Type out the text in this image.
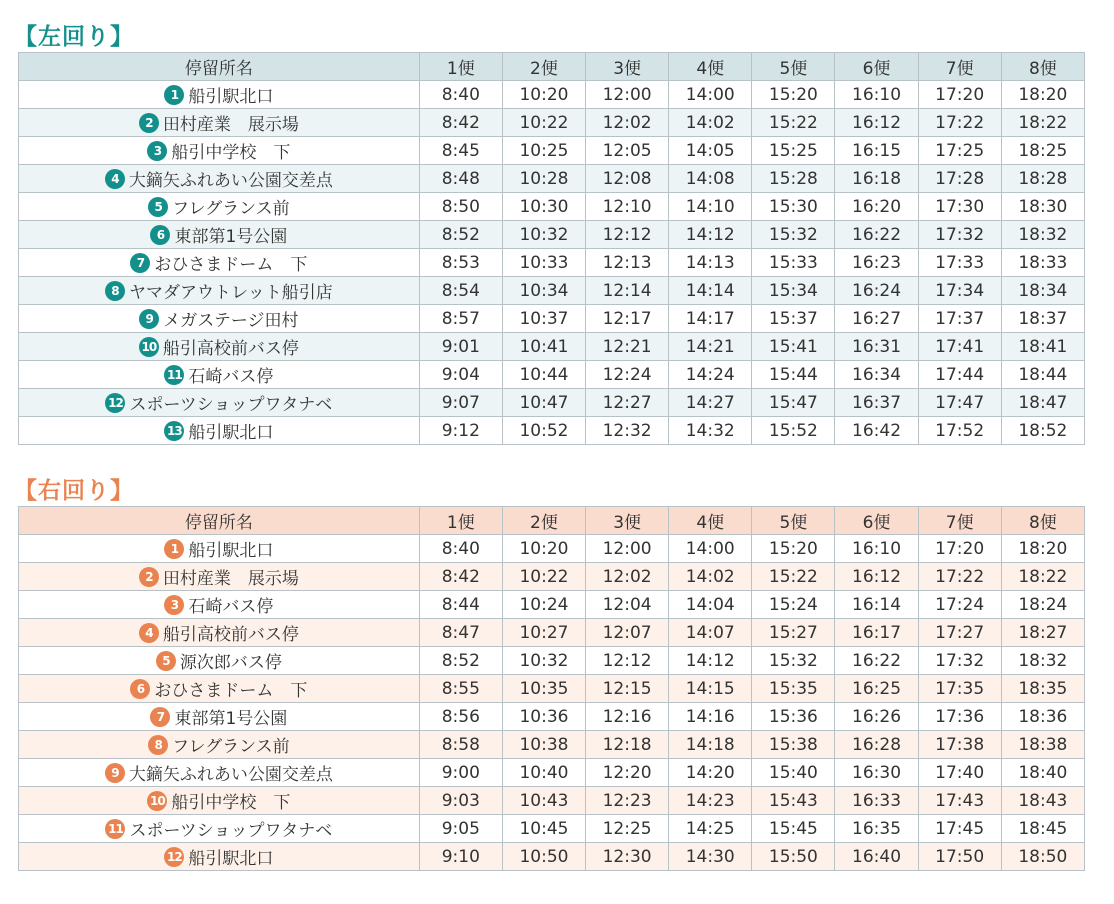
【左回り】
停留所名	1便	2便	3便	4便	5便	6便	7便	8便
1 船引駅北口	8:40	10:20	12:00	14:00	15:20	16:10	17:20	18:20
2 田村産業　展示場	8:42	10:22	12:02	14:02	15:22	16:12	17:22	18:22
3 船引中学校　下	8:45	10:25	12:05	14:05	15:25	16:15	17:25	18:25
4 大鏑矢ふれあい公園交差点	8:48	10:28	12:08	14:08	15:28	16:18	17:28	18:28
5 フレグランス前	8:50	10:30	12:10	14:10	15:30	16:20	17:30	18:30
6 東部第1号公園	8:52	10:32	12:12	14:12	15:32	16:22	17:32	18:32
7 おひさまドーム　下	8:53	10:33	12:13	14:13	15:33	16:23	17:33	18:33
8 ヤマダアウトレット船引店	8:54	10:34	12:14	14:14	15:34	16:24	17:34	18:34
9 メガステージ田村	8:57	10:37	12:17	14:17	15:37	16:27	17:37	18:37
10 船引高校前バス停	9:01	10:41	12:21	14:21	15:41	16:31	17:41	18:41
11 石崎バス停	9:04	10:44	12:24	14:24	15:44	16:34	17:44	18:44
12 スポーツショップワタナベ	9:07	10:47	12:27	14:27	15:47	16:37	17:47	18:47
13 船引駅北口	9:12	10:52	12:32	14:32	15:52	16:42	17:52	18:52
【右回り】
停留所名	1便	2便	3便	4便	5便	6便	7便	8便
1 船引駅北口	8:40	10:20	12:00	14:00	15:20	16:10	17:20	18:20
2 田村産業　展示場	8:42	10:22	12:02	14:02	15:22	16:12	17:22	18:22
3 石崎バス停	8:44	10:24	12:04	14:04	15:24	16:14	17:24	18:24
4 船引高校前バス停	8:47	10:27	12:07	14:07	15:27	16:17	17:27	18:27
5 源次郎バス停	8:52	10:32	12:12	14:12	15:32	16:22	17:32	18:32
6 おひさまドーム　下	8:55	10:35	12:15	14:15	15:35	16:25	17:35	18:35
7 東部第1号公園	8:56	10:36	12:16	14:16	15:36	16:26	17:36	18:36
8 フレグランス前	8:58	10:38	12:18	14:18	15:38	16:28	17:38	18:38
9 大鏑矢ふれあい公園交差点	9:00	10:40	12:20	14:20	15:40	16:30	17:40	18:40
10 船引中学校　下	9:03	10:43	12:23	14:23	15:43	16:33	17:43	18:43
11 スポーツショップワタナベ	9:05	10:45	12:25	14:25	15:45	16:35	17:45	18:45
12 船引駅北口	9:10	10:50	12:30	14:30	15:50	16:40	17:50	18:50
